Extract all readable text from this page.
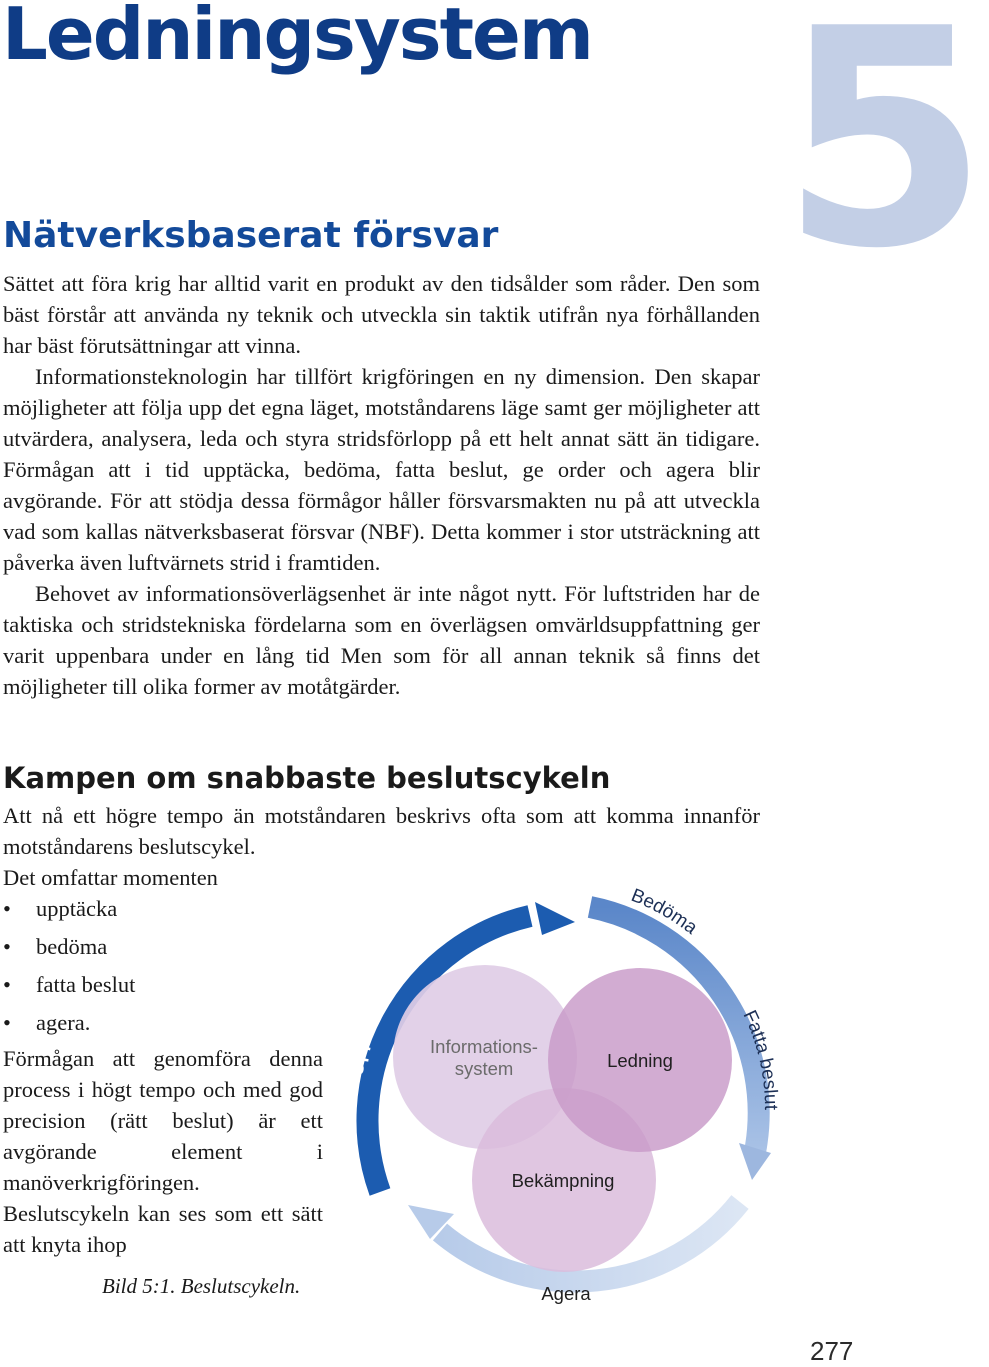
Ledningsystem 5
Nätverksbaserat försvar

Sättet att föra krig har alltid varit en produkt av den tidsålder som råder. Den som bäst förstår att använda ny teknik och utveckla sin taktik utifrån nya förhållanden har bäst förutsättningar att vinna.

Informationsteknologin har tillfört krigföringen en ny dimension. Den skapar möjligheter att följa upp det egna läget, motståndarens läge samt ger möjligheter att utvärdera, analysera, leda och styra stridsförlopp på ett helt annat sätt än tidigare. Förmågan att i tid upptäcka, bedöma, fatta beslut, ge order och agera blir avgörande. För att stödja dessa förmågor håller försvarsmakten nu på att utveckla vad som kallas nätverksbaserat försvar (NBF). Detta kommer i stor utsträckning att påverka även luftvärnets strid i framtiden.

Behovet av informationsöverlägsenhet är inte något nytt. För luftstriden har de taktiska och stridstekniska fördelarna som en överlägsen omvärldsuppfattning ger varit uppenbara under en lång tid Men som för all annan teknik så finns det möjligheter till olika former av motåtgärder.

Kampen om snabbaste beslutscykeln

Att nå ett högre tempo än motståndaren beskrivs ofta som att komma innanför motståndarens beslutscykel.

Det omfattar momenten

• upptäcka
• bedöma
• fatta beslut
• agera.

Förmågan att genomföra denna process i högt tempo och med god precision (rätt beslut) är ett avgörande element i manöverkrigföringen. Beslutscykeln kan ses som ett sätt att knyta ihop

Upptäcka
Bedöma
Fatta beslut
Informations-
system	Ledning
Bekämpning
Agera

Bild 5:1. Beslutscykeln.

277
